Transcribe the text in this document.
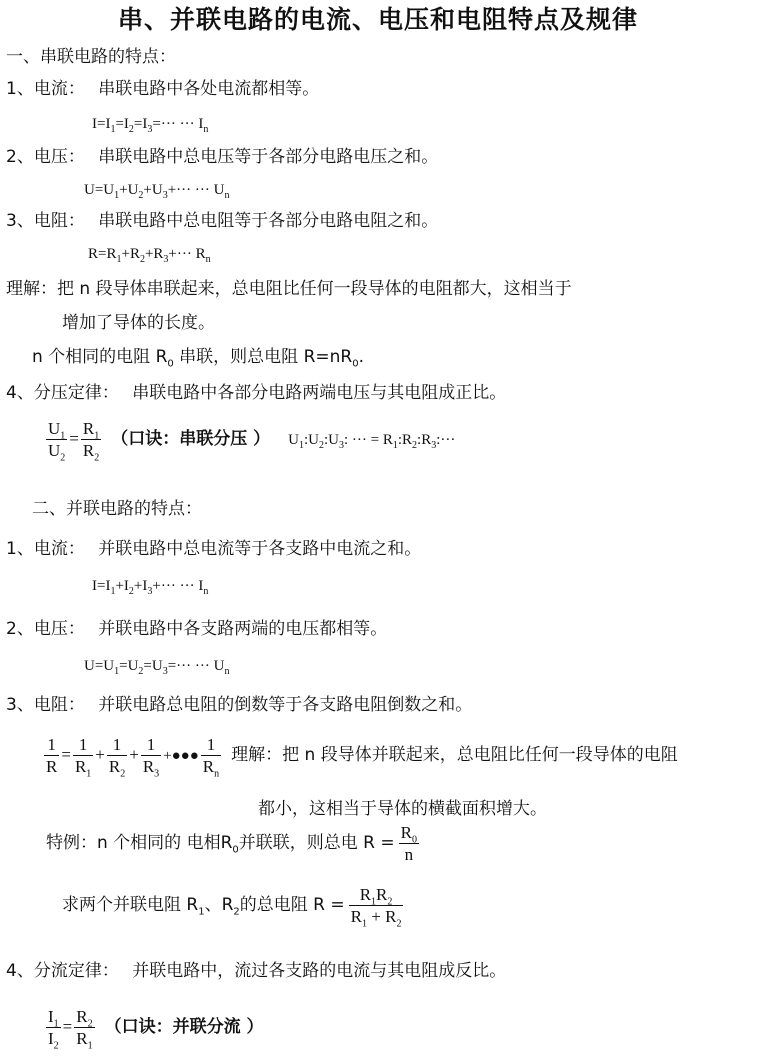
串、并联电路的电流、电压和电阻特点及规律
一、串联电路的特点：
1、电流： 串联电路中各处电流都相等。
$I=I_1=I_2=I_3=\cdot\cdot\cdot$ ··· $I_n$
2、电压： 串联电路中总电压等于各部分电路电压之和。
$U=U_1+U_2+U_3+\cdot\cdot\cdot$ ··· $U_n$
3、电阻： 串联电路中总电阻等于各部分电路电阻之和。
$R=R_1+R_2+R_3+\cdot\cdot\cdot R_n$
理解：把 n 段导体串联起来，总电阻比任何一段导体的电阻都大，这相当于
增加了导体的长度。
n 个相同的电阻 $R_0$ 串联，则总电阻 $R=nR_0$.
4、分压定律： 串联电路中各部分电路两端电压与其电阻成正比。
$\frac{U_1}{U_2} = \frac{R_1}{R_2}$ （口诀：串联分压 ） $U_1:U_2:U_3$: ··· = $R_1:R_2:R_3:\cdot\cdot\cdot$
二、并联电路的特点：
1、电流： 并联电路中总电流等于各支路中电流之和。
$I=I_1+I_2+I_3+\cdot\cdot\cdot$ ··· $I_n$
2、电压： 并联电路中各支路两端的电压都相等。
$U=U_1=U_2=U_3=\cdot\cdot\cdot$ ··· $U_n$
3、电阻： 并联电路总电阻的倒数等于各支路电阻倒数之和。
$\frac{1}{R} = \frac{1}{R_1} + \frac{1}{R_2} + \frac{1}{R_3}$ +●●● $\frac{1}{R_n}$ 理解：把 n 段导体并联起来，总电阻比任何一段导体的电阻
都小，这相当于导体的横截面积增大。
特例：n 个相同的 电相$R_0$并联联，则总电 $R = \frac{R_0}{n}$
求两个并联电阻 $R_1$、$R_2$的总电阻 $R = \frac{R_1R_2}{R_1 + R_2}$
4、分流定律： 并联电路中，流过各支路的电流与其电阻成反比。
$\frac{I_1}{I_2} = \frac{R_2}{R_1}$ （口诀：并联分流 ）
